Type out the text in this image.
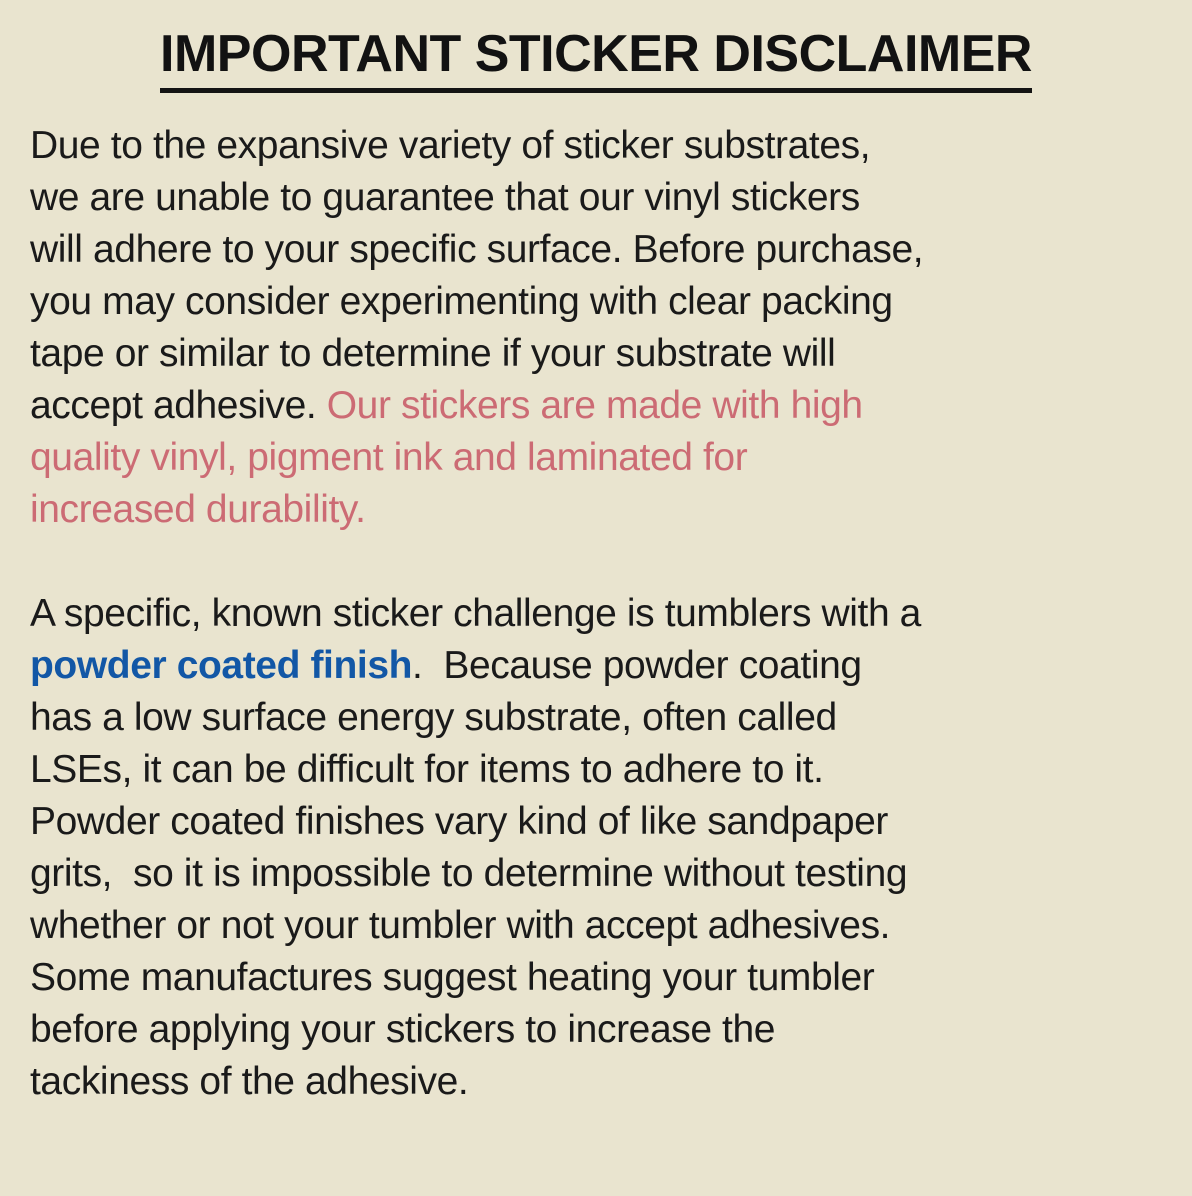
IMPORTANT STICKER DISCLAIMER
Due to the expansive variety of sticker substrates,
we are unable to guarantee that our vinyl stickers
will adhere to your specific surface. Before purchase,
you may consider experimenting with clear packing
tape or similar to determine if your substrate will
accept adhesive. Our stickers are made with high
quality vinyl, pigment ink and laminated for
increased durability.
A specific, known sticker challenge is tumblers with a
powder coated finish.  Because powder coating
has a low surface energy substrate, often called
LSEs, it can be difficult for items to adhere to it.
Powder coated finishes vary kind of like sandpaper
grits,  so it is impossible to determine without testing
whether or not your tumbler with accept adhesives.
Some manufactures suggest heating your tumbler
before applying your stickers to increase the
tackiness of the adhesive.
